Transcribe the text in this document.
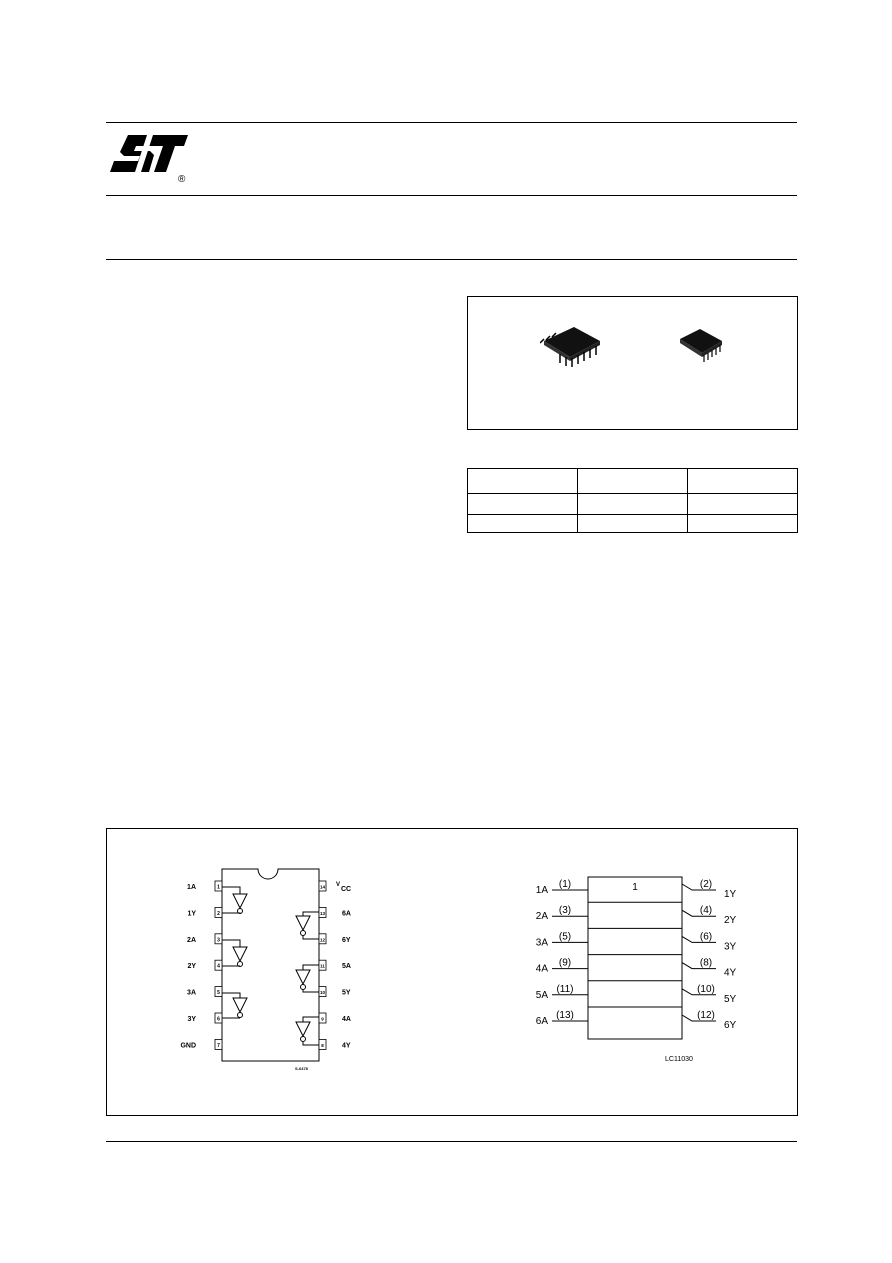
®
1
1A
2
1Y
3
2A
4
2Y
5
3A
6
3Y
7
GND
14 V
CC
13 6A
12 6Y
11 5A
10 5Y
9	4A
8	4Y
S-6478
1
1A
(1)	(2)
1Y
2A
(3)	(4)
2Y
3A
(5)	(6)
3Y
4A
(9)	(8)
4Y
5A
(11)	(10)
5Y
6A
(13)	(12)
6Y
LC11030
